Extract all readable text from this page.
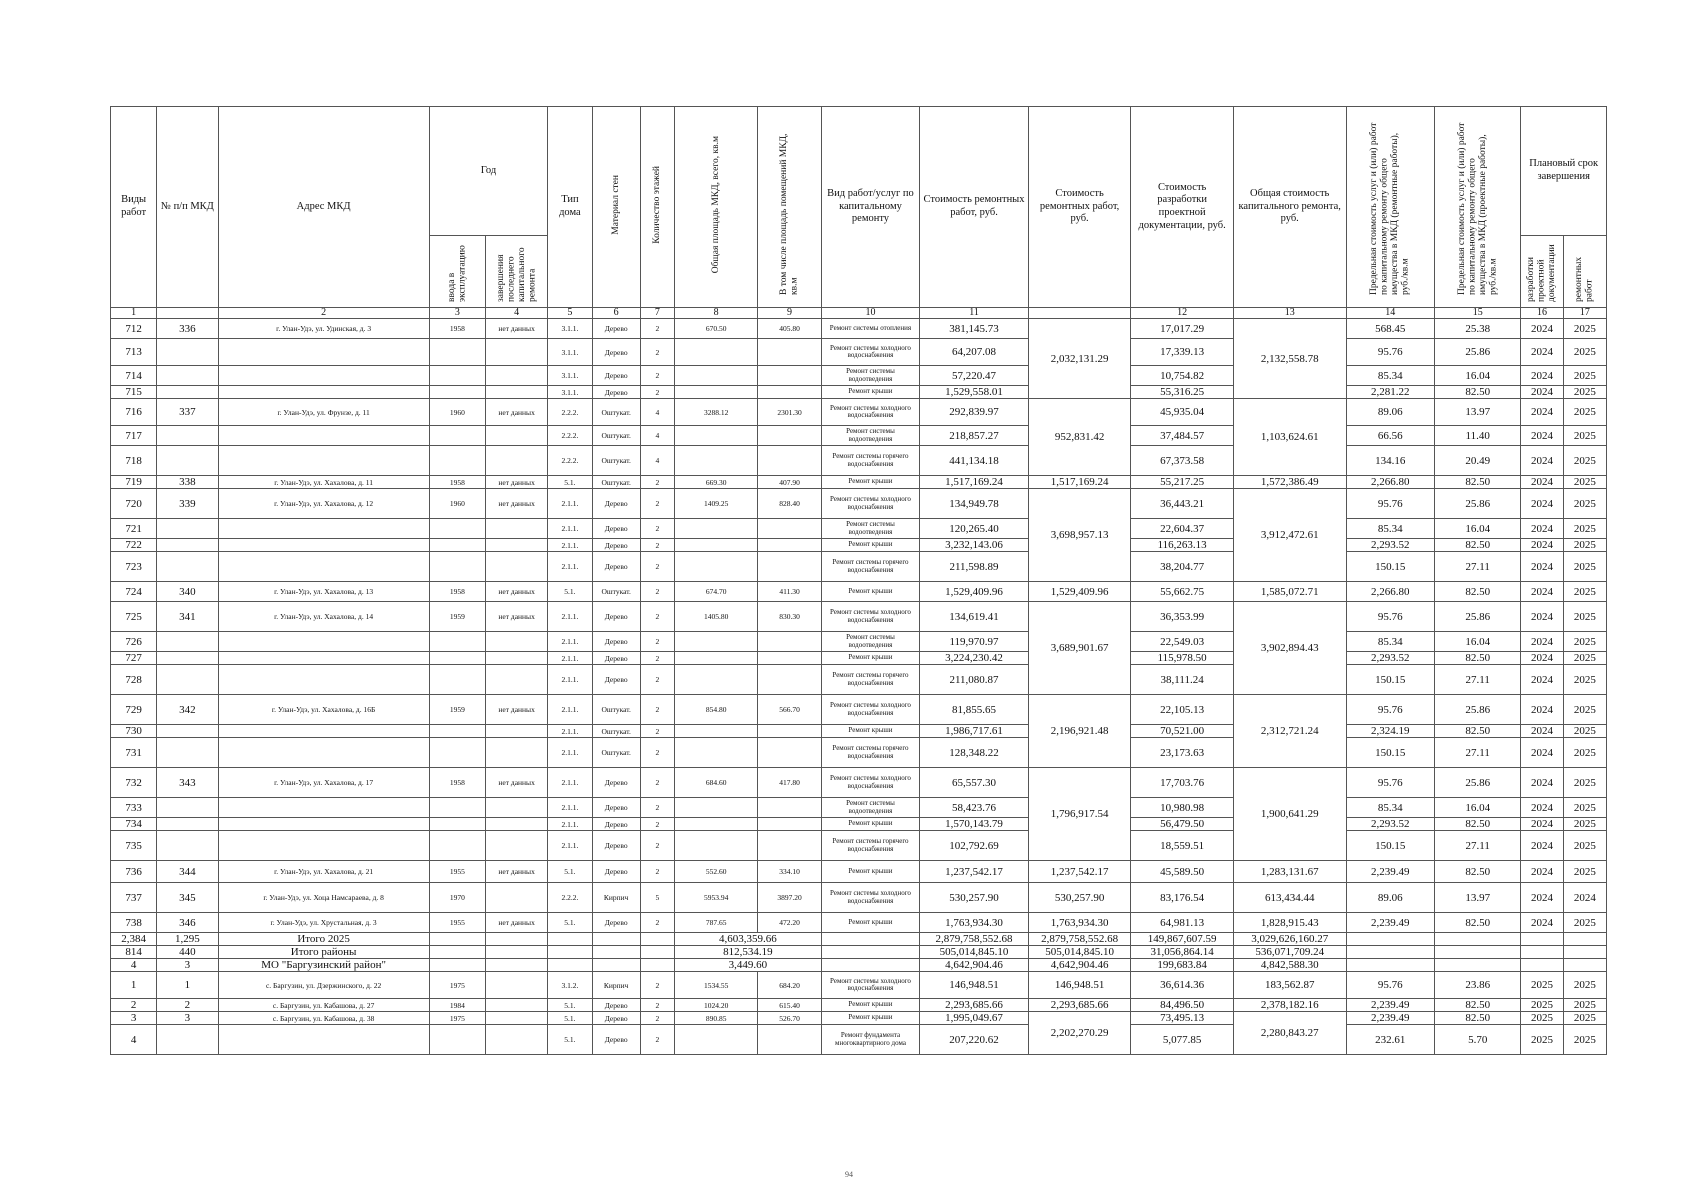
Виды работ	№ п/п МКД	Адрес МКД	Год		Тип дома	Материал стен	Количество этажей	Общая площадь МКД, всего, кв.м	В том числе площадь помещений МКД, кв.м	Вид работ/услуг по капитальному ремонту	Стоимость ремонтных работ, руб.	Стоимость ремонтных работ, руб.	Стоимость разработки проектной документации, руб.	Общая стоимость капитального ремонта, руб.	Предельная стоимость услуг и (или) работ по капитальному ремонту общего имущества в МКД (ремонтные работы), руб./кв.м	Предельная стоимость услуг и (или) работ по капитальному ремонту общего имущества в МКД (проектные работы), руб./кв.м	Плановый срок завершения	
			ввода в эксплуатацию	завершения последнего капитального ремонта													разработки проектной документации	ремонтных работ
1		2	3	4	5	6	7	8	9	10	11		12	13	14	15	16	17
712	336	г. Улан-Удэ, ул. Удинская, д. 3	1958	нет данных	3.1.1.	Дерево	2	670.50	405.80	Ремонт системы отопления	381,145.73	2,032,131.29	17,017.29	2,132,558.78	568.45	25.38	2024	2025
713					3.1.1.	Дерево	2			Ремонт системы холодного водоснабжения	64,207.08		17,339.13		95.76	25.86	2024	2025
714					3.1.1.	Дерево	2			Ремонт системы водоотведения	57,220.47		10,754.82		85.34	16.04	2024	2025
715					3.1.1.	Дерево	2			Ремонт крыши	1,529,558.01		55,316.25		2,281.22	82.50	2024	2025
716	337	г. Улан-Удэ, ул. Фрунзе, д. 11	1960	нет данных	2.2.2.	Оштукат.	4	3288.12	2301.30	Ремонт системы холодного водоснабжения	292,839.97	952,831.42	45,935.04	1,103,624.61	89.06	13.97	2024	2025
717					2.2.2.	Оштукат.	4			Ремонт системы водоотведения	218,857.27		37,484.57		66.56	11.40	2024	2025
718					2.2.2.	Оштукат.	4			Ремонт системы горячего водоснабжения	441,134.18		67,373.58		134.16	20.49	2024	2025
719	338	г. Улан-Удэ, ул. Хахалова, д. 11	1958	нет данных	5.1.	Оштукат.	2	669.30	407.90	Ремонт крыши	1,517,169.24	1,517,169.24	55,217.25	1,572,386.49	2,266.80	82.50	2024	2025
720	339	г. Улан-Удэ, ул. Хахалова, д. 12	1960	нет данных	2.1.1.	Дерево	2	1409.25	828.40	Ремонт системы холодного водоснабжения	134,949.78	3,698,957.13	36,443.21	3,912,472.61	95.76	25.86	2024	2025
721					2.1.1.	Дерево	2			Ремонт системы водоотведения	120,265.40		22,604.37		85.34	16.04	2024	2025
722					2.1.1.	Дерево	2			Ремонт крыши	3,232,143.06		116,263.13		2,293.52	82.50	2024	2025
723					2.1.1.	Дерево	2			Ремонт системы горячего водоснабжения	211,598.89		38,204.77		150.15	27.11	2024	2025
724	340	г. Улан-Удэ, ул. Хахалова, д. 13	1958	нет данных	5.1.	Оштукат.	2	674.70	411.30	Ремонт крыши	1,529,409.96	1,529,409.96	55,662.75	1,585,072.71	2,266.80	82.50	2024	2025
725	341	г. Улан-Удэ, ул. Хахалова, д. 14	1959	нет данных	2.1.1.	Дерево	2	1405.80	830.30	Ремонт системы холодного водоснабжения	134,619.41	3,689,901.67	36,353.99	3,902,894.43	95.76	25.86	2024	2025
726					2.1.1.	Дерево	2			Ремонт системы водоотведения	119,970.97		22,549.03		85.34	16.04	2024	2025
727					2.1.1.	Дерево	2			Ремонт крыши	3,224,230.42		115,978.50		2,293.52	82.50	2024	2025
728					2.1.1.	Дерево	2			Ремонт системы горячего водоснабжения	211,080.87		38,111.24		150.15	27.11	2024	2025
729	342	г. Улан-Удэ, ул. Хахалова, д. 16Б	1959	нет данных	2.1.1.	Оштукат.	2	854.80	566.70	Ремонт системы холодного водоснабжения	81,855.65	2,196,921.48	22,105.13	2,312,721.24	95.76	25.86	2024	2025
730					2.1.1.	Оштукат.	2			Ремонт крыши	1,986,717.61		70,521.00		2,324.19	82.50	2024	2025
731					2.1.1.	Оштукат.	2			Ремонт системы горячего водоснабжения	128,348.22		23,173.63		150.15	27.11	2024	2025
732	343	г. Улан-Удэ, ул. Хахалова, д. 17	1958	нет данных	2.1.1.	Дерево	2	684.60	417.80	Ремонт системы холодного водоснабжения	65,557.30	1,796,917.54	17,703.76	1,900,641.29	95.76	25.86	2024	2025
733					2.1.1.	Дерево	2			Ремонт системы водоотведения	58,423.76		10,980.98		85.34	16.04	2024	2025
734					2.1.1.	Дерево	2			Ремонт крыши	1,570,143.79		56,479.50		2,293.52	82.50	2024	2025
735					2.1.1.	Дерево	2			Ремонт системы горячего водоснабжения	102,792.69		18,559.51		150.15	27.11	2024	2025
736	344	г. Улан-Удэ, ул. Хахалова, д. 21	1955	нет данных	5.1.	Дерево	2	552.60	334.10	Ремонт крыши	1,237,542.17	1,237,542.17	45,589.50	1,283,131.67	2,239.49	82.50	2024	2025
737	345	г. Улан-Удэ, ул. Хоца Намсараева, д. 8	1970		2.2.2.	Кирпич	5	5953.94	3897.20	Ремонт системы холодного водоснабжения	530,257.90	530,257.90	83,176.54	613,434.44	89.06	13.97	2024	2024
738	346	г. Улан-Удэ, ул. Хрустальная, д. 3	1955	нет данных	5.1.	Дерево	2	787.65	472.20	Ремонт крыши	1,763,934.30	1,763,934.30	64,981.13	1,828,915.43	2,239.49	82.50	2024	2025
2,384	1,295	Итого 2025						4,603,359.66			2,879,758,552.68	2,879,758,552.68	149,867,607.59	3,029,626,160.27				
814	440	Итого районы						812,534.19			505,014,845.10	505,014,845.10	31,056,864.14	536,071,709.24				
4	3	МО "Баргузинский район"						3,449.60			4,642,904.46	4,642,904.46	199,683.84	4,842,588.30				
1	1	с. Баргузин, ул. Дзержинского, д. 22	1975		3.1.2.	Кирпич	2	1534.55	684.20	Ремонт системы холодного водоснабжения	146,948.51	146,948.51	36,614.36	183,562.87	95.76	23.86	2025	2025
2	2	с. Баргузин, ул. Кабашова, д. 27	1984		5.1.	Дерево	2	1024.20	615.40	Ремонт крыши	2,293,685.66	2,293,685.66	84,496.50	2,378,182.16	2,239.49	82.50	2025	2025
3	3	с. Баргузин, ул. Кабашова, д. 38	1975		5.1.	Дерево	2	890.85	526.70	Ремонт крыши	1,995,049.67	2,202,270.29	73,495.13	2,280,843.27	2,239.49	82.50	2025	2025
4					5.1.	Дерево	2			Ремонт фундамента многоквартирного дома	207,220.62		5,077.85		232.61	5.70	2025	2025
94
